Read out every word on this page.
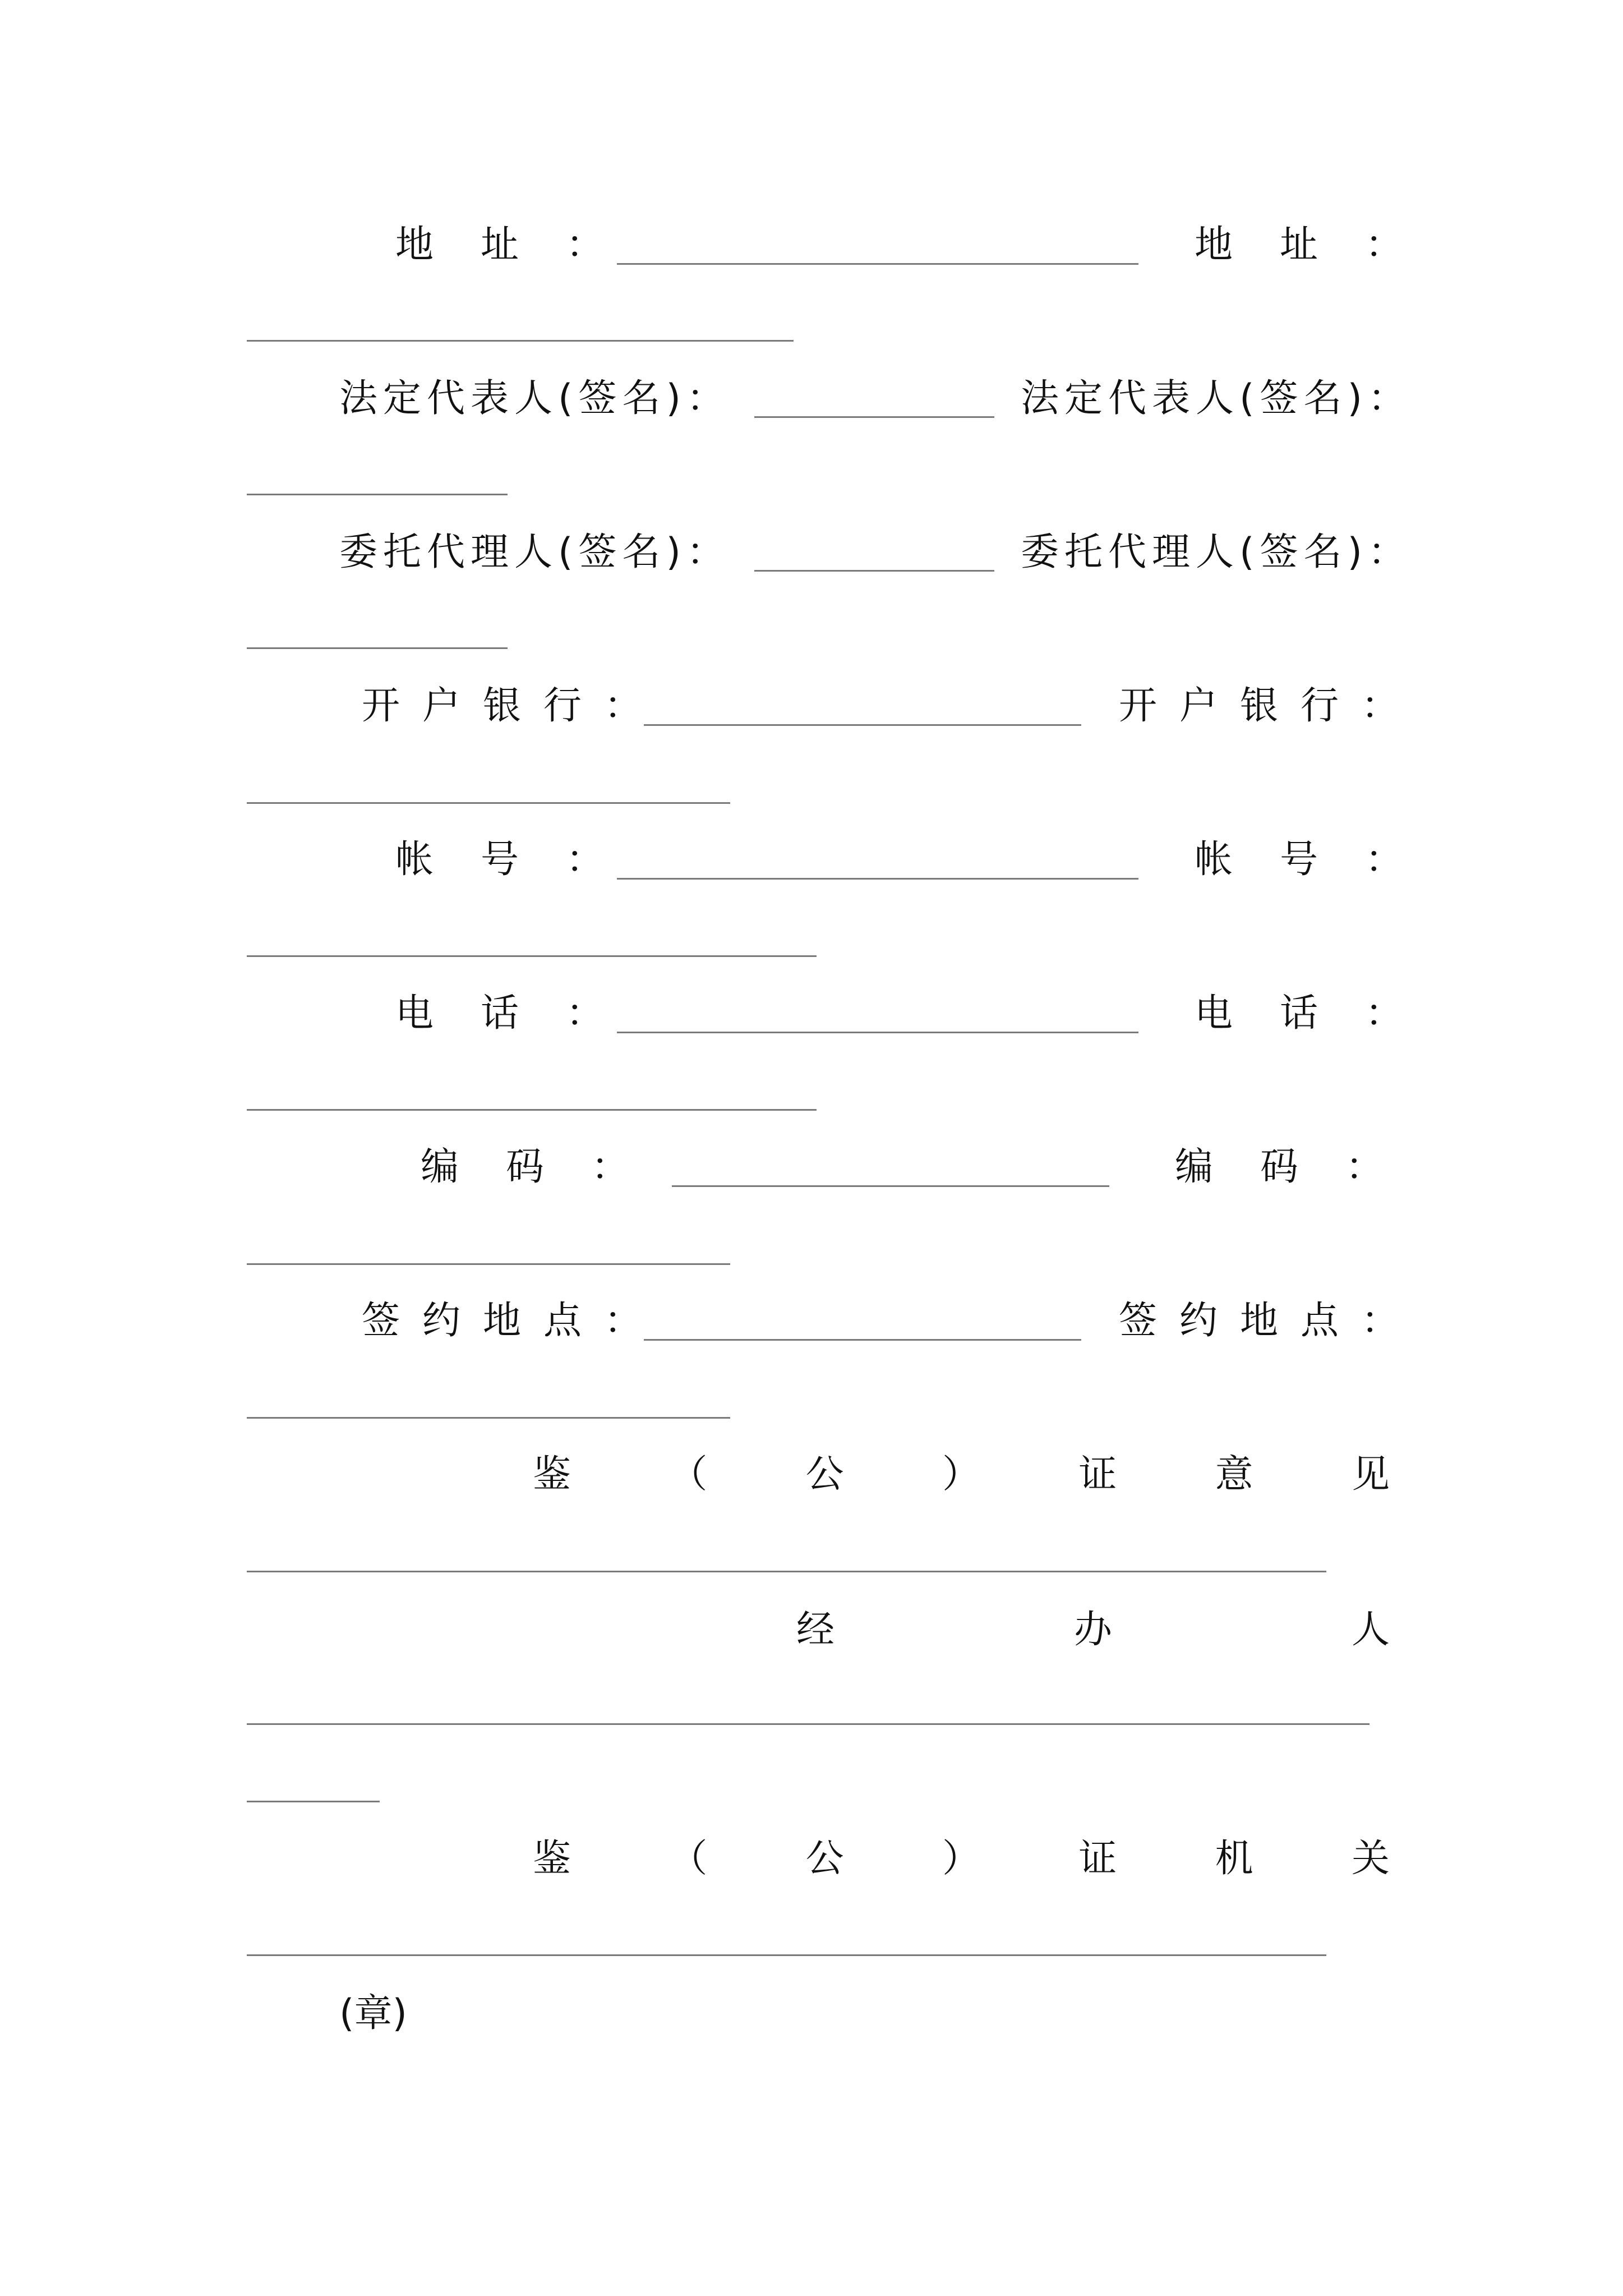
地址：	地址：
法定代表人(签名)：	法定代表人(签名)：
委托代理人(签名)：	委托代理人(签名)：
开户银行：	开户银行：
帐号：	帐号：
电话：	电话：
编码：	编码：
签约地点：	签约地点：
鉴	（	公	）	证	意	见
经	办	人
鉴	（	公	）	证	机	关
(章)
